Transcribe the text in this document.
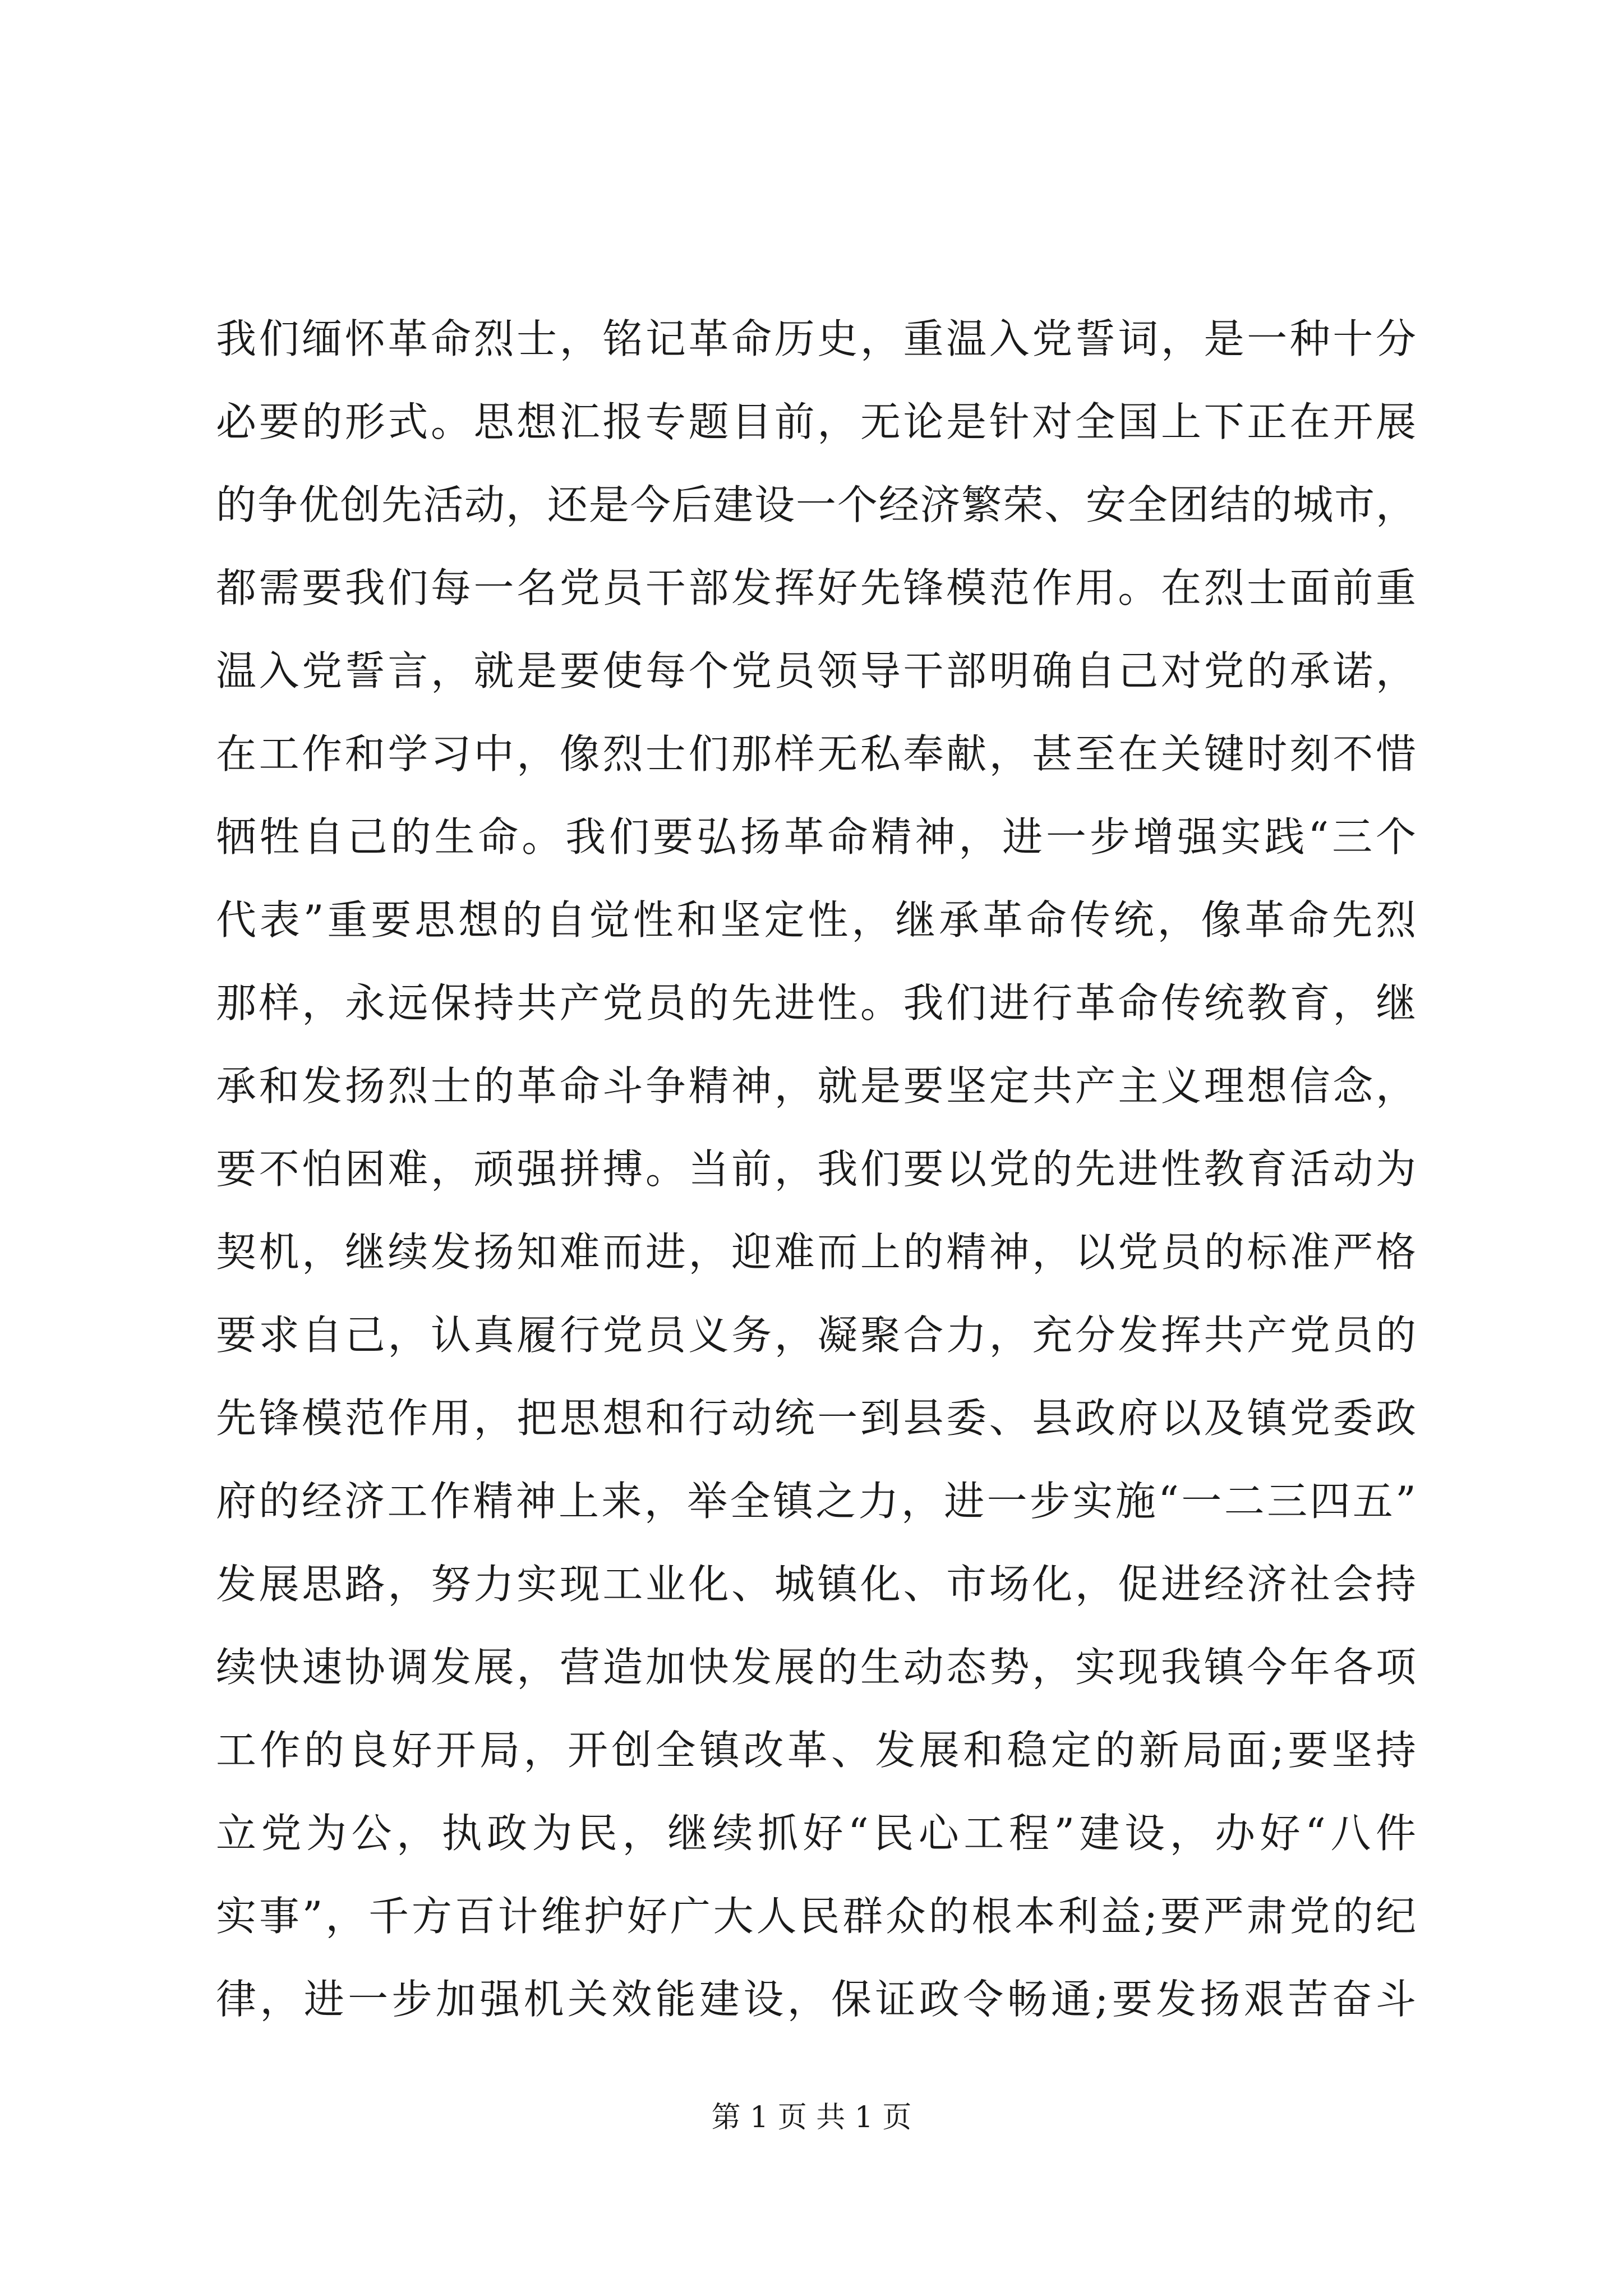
我们缅怀革命烈士，铭记革命历史，重温入党誓词，是一种十分
必要的形式。思想汇报专题目前，无论是针对全国上下正在开展
的争优创先活动，还是今后建设一个经济繁荣、安全团结的城市，
都需要我们每一名党员干部发挥好先锋模范作用。在烈士面前重
温入党誓言，就是要使每个党员领导干部明确自己对党的承诺，
在工作和学习中，像烈士们那样无私奉献，甚至在关键时刻不惜
牺牲自己的生命。我们要弘扬革命精神，进一步增强实践“三个
代表”重要思想的自觉性和坚定性，继承革命传统，像革命先烈
那样，永远保持共产党员的先进性。我们进行革命传统教育，继
承和发扬烈士的革命斗争精神，就是要坚定共产主义理想信念，
要不怕困难，顽强拼搏。当前，我们要以党的先进性教育活动为
契机，继续发扬知难而进，迎难而上的精神，以党员的标准严格
要求自己，认真履行党员义务，凝聚合力，充分发挥共产党员的
先锋模范作用，把思想和行动统一到县委、县政府以及镇党委政
府的经济工作精神上来，举全镇之力，进一步实施“一二三四五”
发展思路，努力实现工业化、城镇化、市场化，促进经济社会持
续快速协调发展，营造加快发展的生动态势，实现我镇今年各项
工作的良好开局，开创全镇改革、发展和稳定的新局面;要坚持
立党为公，执政为民，继续抓好“民心工程”建设，办好“八件
实事”，千方百计维护好广大人民群众的根本利益;要严肃党的纪
律，进一步加强机关效能建设，保证政令畅通;要发扬艰苦奋斗
第 1 页 共 1 页
